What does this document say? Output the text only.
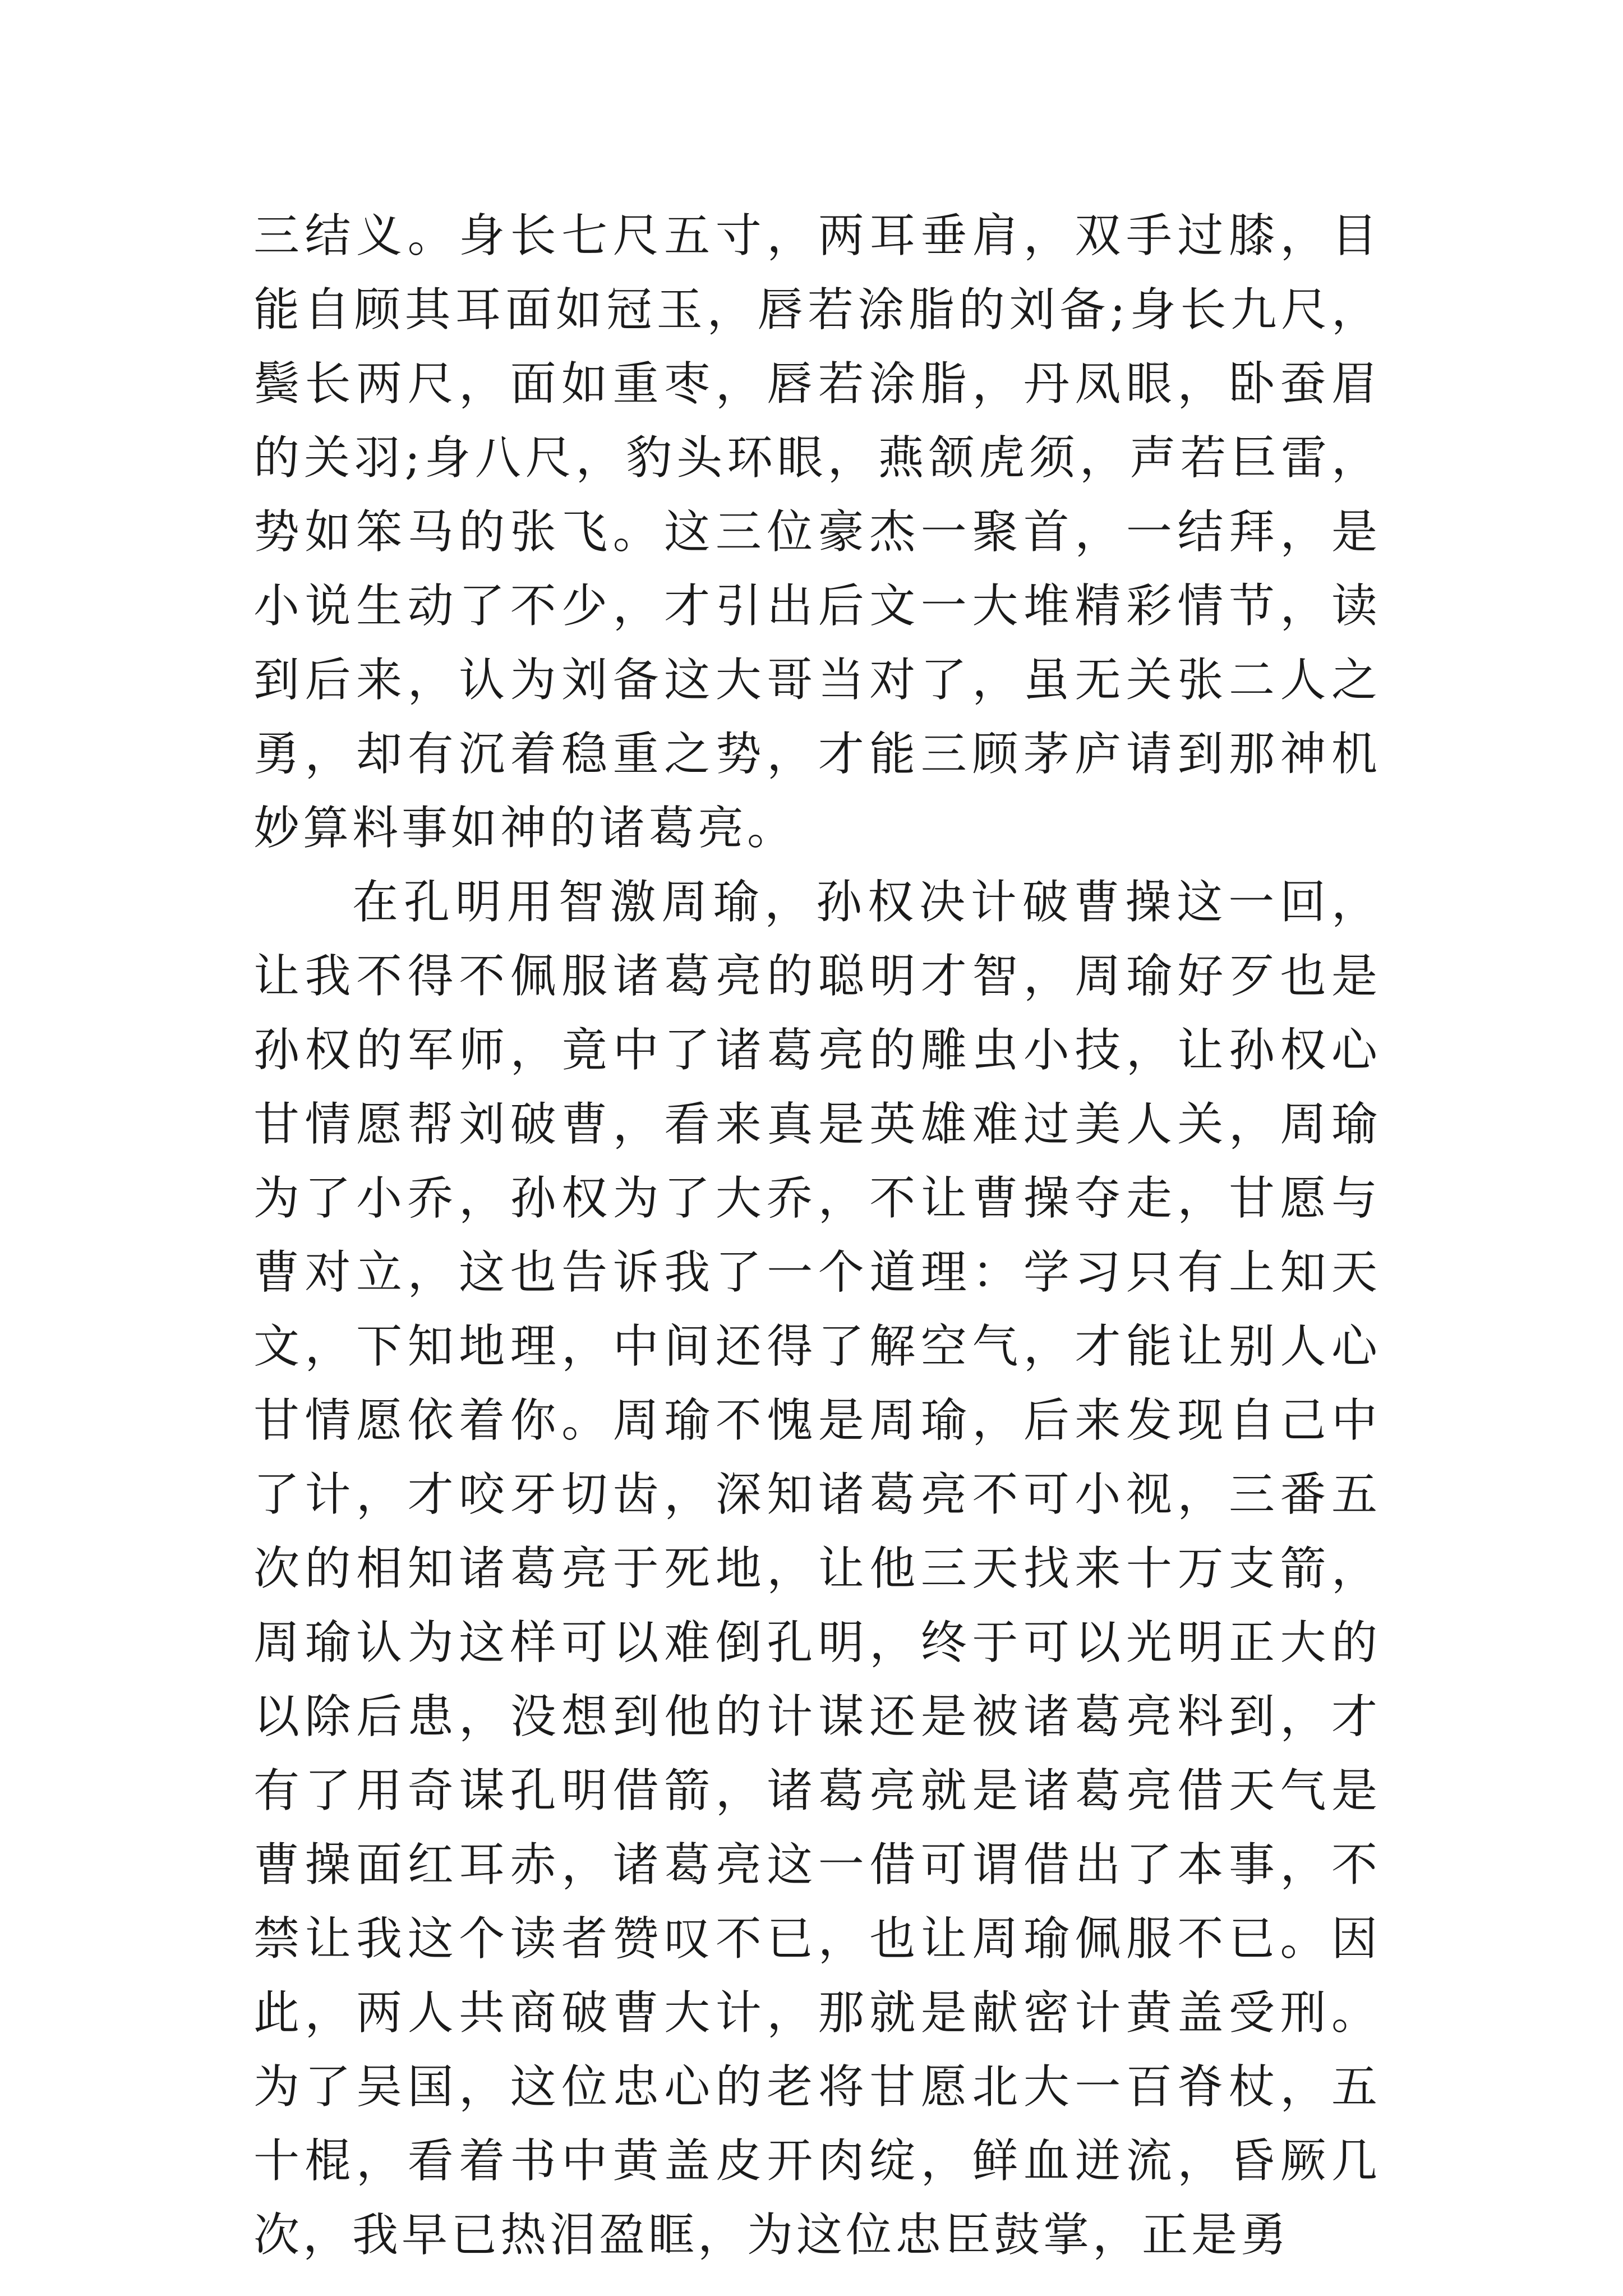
三结义。身长七尺五寸，两耳垂肩，双手过膝，目能自顾其耳面如冠玉，唇若涂脂的刘备;身长九尺，鬓长两尺，面如重枣，唇若涂脂，丹凤眼，卧蚕眉的关羽;身八尺，豹头环眼，燕颔虎须，声若巨雷，势如笨马的张飞。这三位豪杰一聚首，一结拜，是小说生动了不少，才引出后文一大堆精彩情节，读到后来，认为刘备这大哥当对了，虽无关张二人之勇，却有沉着稳重之势，才能三顾茅庐请到那神机妙算料事如神的诸葛亮。

在孔明用智激周瑜，孙权决计破曹操这一回，让我不得不佩服诸葛亮的聪明才智，周瑜好歹也是孙权的军师，竟中了诸葛亮的雕虫小技，让孙权心甘情愿帮刘破曹，看来真是英雄难过美人关，周瑜为了小乔，孙权为了大乔，不让曹操夺走，甘愿与曹对立，这也告诉我了一个道理：学习只有上知天文，下知地理，中间还得了解空气，才能让别人心甘情愿依着你。周瑜不愧是周瑜，后来发现自己中了计，才咬牙切齿，深知诸葛亮不可小视，三番五次的相知诸葛亮于死地，让他三天找来十万支箭，周瑜认为这样可以难倒孔明，终于可以光明正大的以除后患，没想到他的计谋还是被诸葛亮料到，才有了用奇谋孔明借箭，诸葛亮就是诸葛亮借天气是曹操面红耳赤，诸葛亮这一借可谓借出了本事，不禁让我这个读者赞叹不已，也让周瑜佩服不已。因此，两人共商破曹大计，那就是献密计黄盖受刑。为了吴国，这位忠心的老将甘愿北大一百脊杖，五十棍，看着书中黄盖皮开肉绽，鲜血迸流，昏厥几次，我早已热泪盈眶，为这位忠臣鼓掌，正是勇
